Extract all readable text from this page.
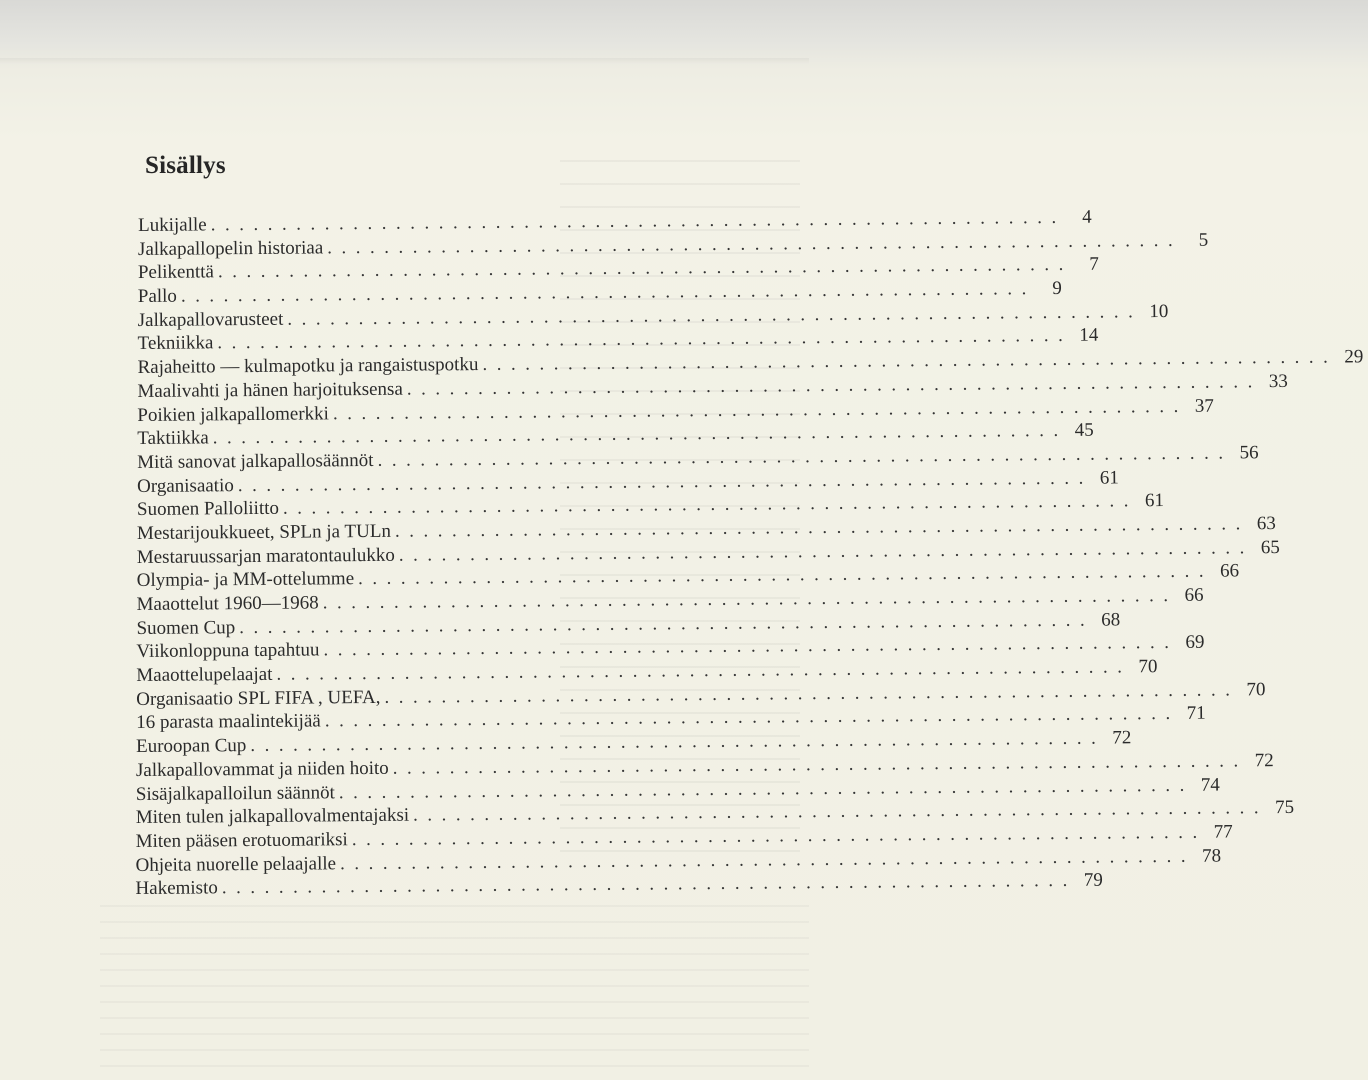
Sisällys
Lukijalle ............................................................ 4
Jalkapallopelin historiaa ............................................................ 5
Pelikenttä ............................................................ 7
Pallo ............................................................ 9
Jalkapallovarusteet ............................................................ 10
Tekniikka ............................................................ 14
Rajaheitto — kulmapotku ja rangaistuspotku ............................................................ 29
Maalivahti ja hänen harjoituksensa ............................................................ 33
Poikien jalkapallomerkki ............................................................ 37
Taktiikka ............................................................ 45
Mitä sanovat jalkapallosäännöt ............................................................ 56
Organisaatio ............................................................ 61
Suomen Palloliitto ............................................................ 61
Mestarijoukkueet, SPLn ja TULn ............................................................ 63
Mestaruussarjan maratontaulukko ............................................................ 65
Olympia- ja MM-ottelumme ............................................................ 66
Maaottelut 1960—1968 ............................................................ 66
Suomen Cup ............................................................ 68
Viikonloppuna tapahtuu ............................................................ 69
Maaottelupelaajat ............................................................ 70
Organisaatio SPL FIFA , UEFA, ............................................................ 70
16 parasta maalintekijää ............................................................ 71
Euroopan Cup ............................................................ 72
Jalkapallovammat ja niiden hoito ............................................................ 72
Sisäjalkapalloilun säännöt ............................................................ 74
Miten tulen jalkapallovalmentajaksi ............................................................ 75
Miten pääsen erotuomariksi ............................................................ 77
Ohjeita nuorelle pelaajalle ............................................................ 78
Hakemisto ............................................................ 79
